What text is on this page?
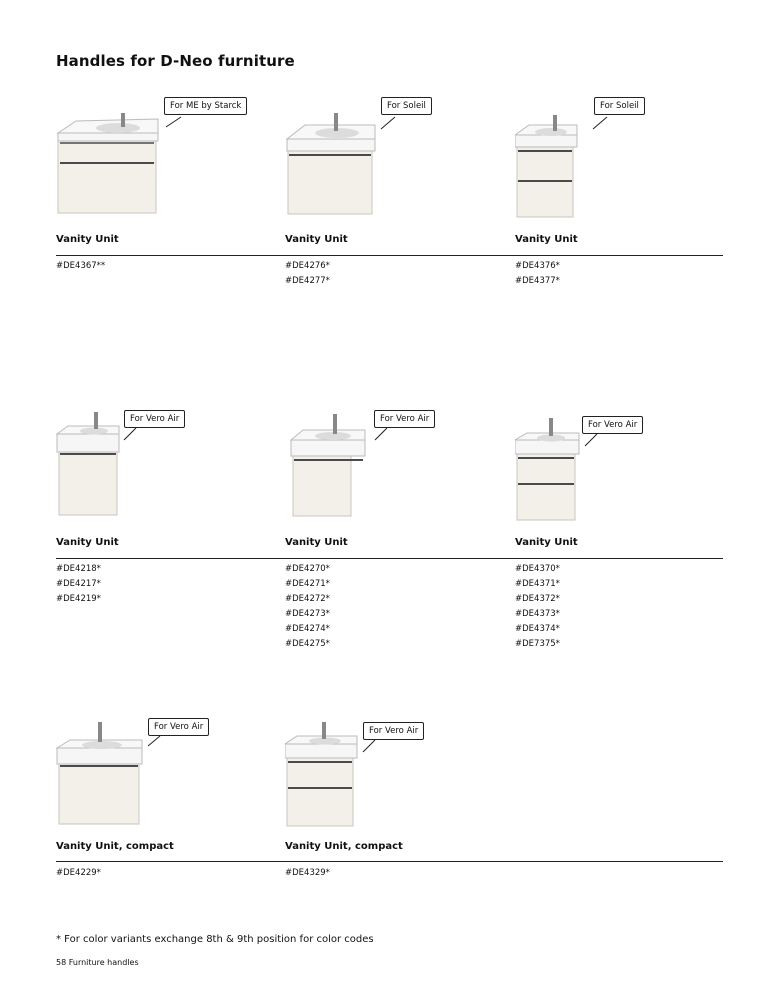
Handles for D-Neo furniture
For ME by Starck
Vanity Unit
#DE4367**
For Soleil
Vanity Unit
#DE4276*
#DE4277*
For Soleil
Vanity Unit
#DE4376*
#DE4377*
For Vero Air
Vanity Unit
#DE4218*
#DE4217*
#DE4219*
For Vero Air
Vanity Unit
#DE4270*
#DE4271*
#DE4272*
#DE4273*
#DE4274*
#DE4275*
For Vero Air
Vanity Unit
#DE4370*
#DE4371*
#DE4372*
#DE4373*
#DE4374*
#DE7375*
For Vero Air
Vanity Unit, compact
#DE4229*
For Vero Air
Vanity Unit, compact
#DE4329*
* For color variants exchange 8th & 9th position for color codes
58 Furniture handles
